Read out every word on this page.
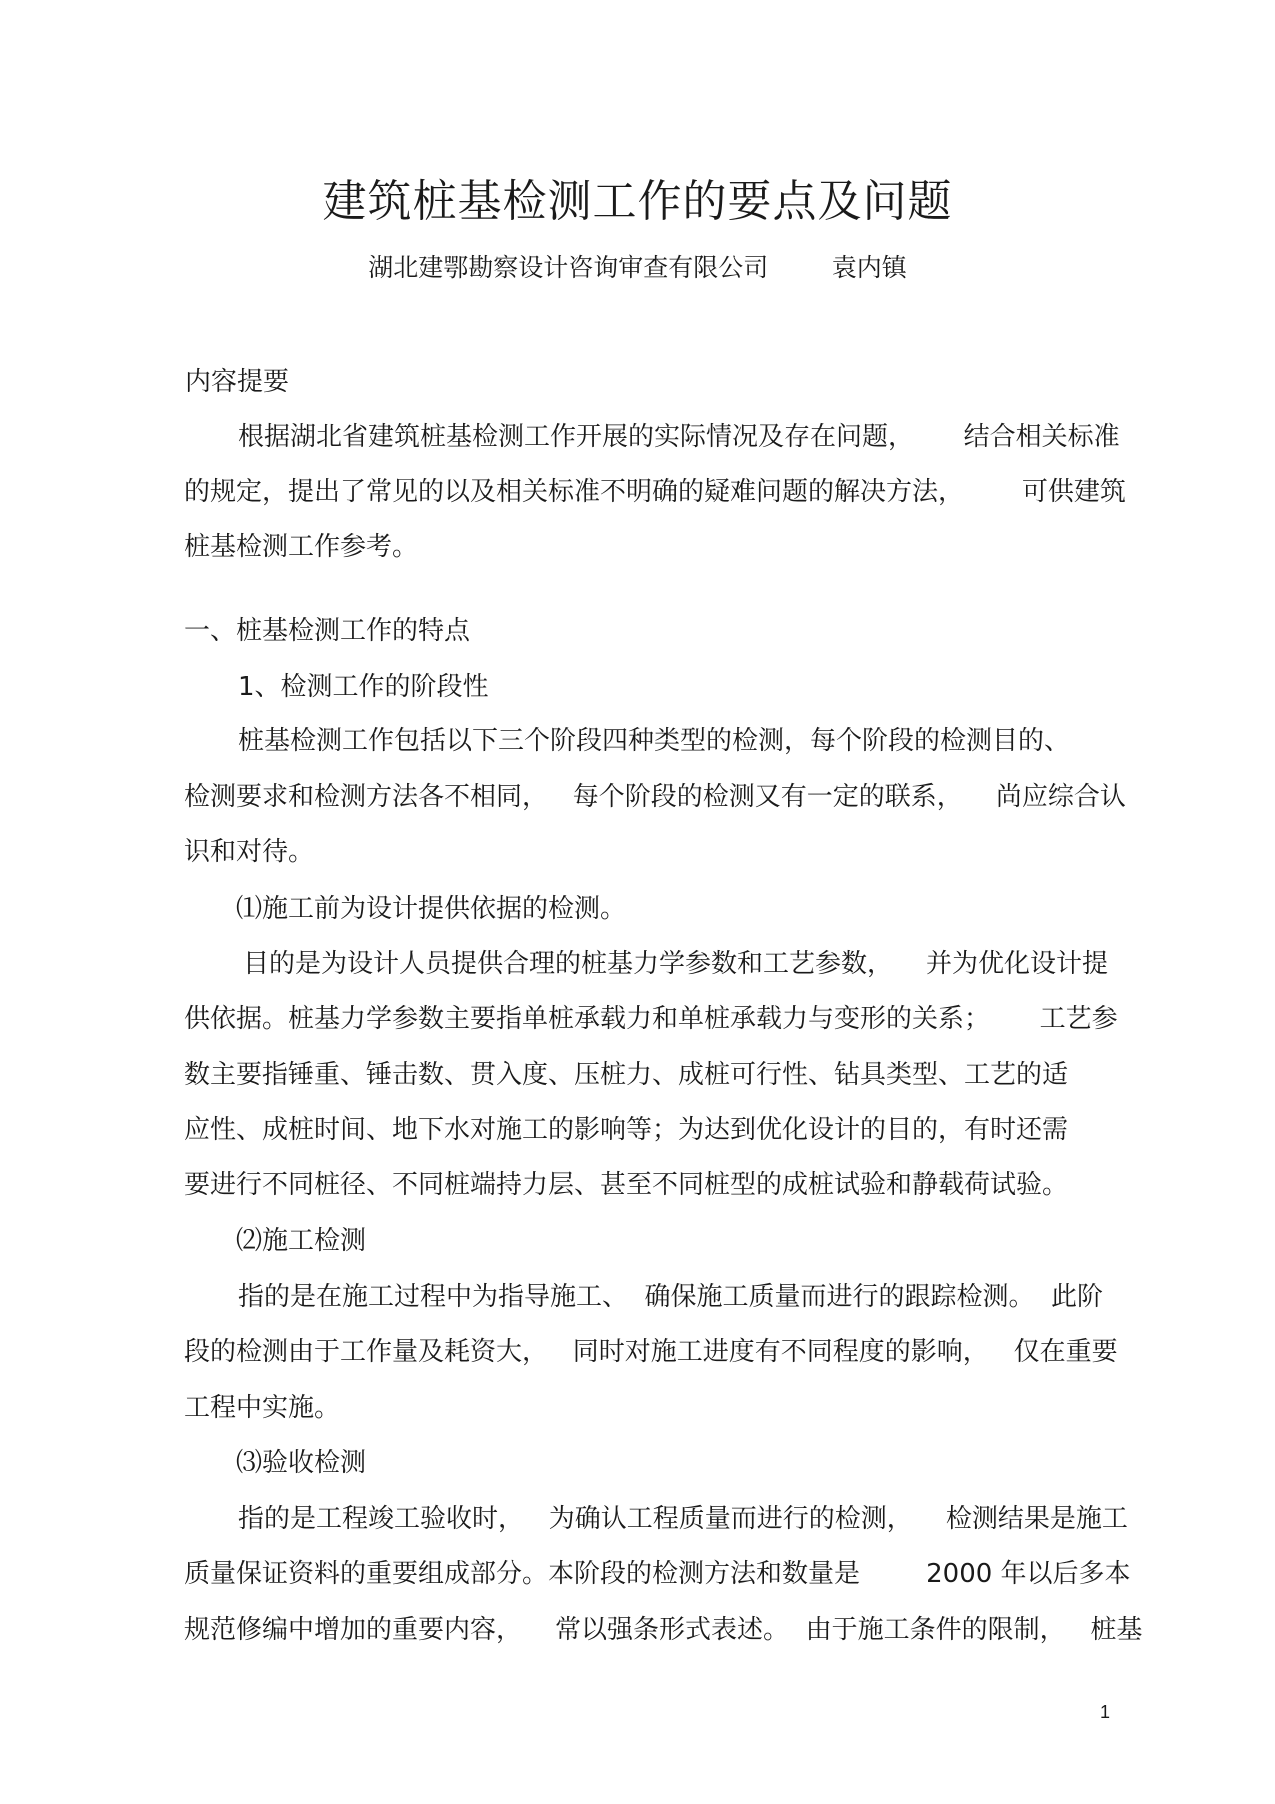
建筑桩基检测工作的要点及问题
湖北建鄂勘察设计咨询审查有限公司        袁内镇

内容提要

根据湖北省建筑桩基检测工作开展的实际情况及存在问题，      结合相关标准

的规定，提出了常见的以及相关标准不明确的疑难问题的解决方法，       可供建筑

桩基检测工作参考。

一、桩基检测工作的特点

1、检测工作的阶段性

桩基检测工作包括以下三个阶段四种类型的检测，每个阶段的检测目的、

检测要求和检测方法各不相同，   每个阶段的检测又有一定的联系，    尚应综合认

识和对待。

⑴施工前为设计提供依据的检测。

目的是为设计人员提供合理的桩基力学参数和工艺参数，    并为优化设计提

供依据。桩基力学参数主要指单桩承载力和单桩承载力与变形的关系；      工艺参

数主要指锤重、锤击数、贯入度、压桩力、成桩可行性、钻具类型、工艺的适

应性、成桩时间、地下水对施工的影响等；为达到优化设计的目的，有时还需

要进行不同桩径、不同桩端持力层、甚至不同桩型的成桩试验和静载荷试验。

⑵施工检测

指的是在施工过程中为指导施工、  确保施工质量而进行的跟踪检测。  此阶

段的检测由于工作量及耗资大，   同时对施工进度有不同程度的影响，   仅在重要

工程中实施。

⑶验收检测

指的是工程竣工验收时，   为确认工程质量而进行的检测，    检测结果是施工

质量保证资料的重要组成部分。本阶段的检测方法和数量是        2000 年以后多本

规范修编中增加的重要内容，    常以强条形式表述。  由于施工条件的限制，   桩基

1
